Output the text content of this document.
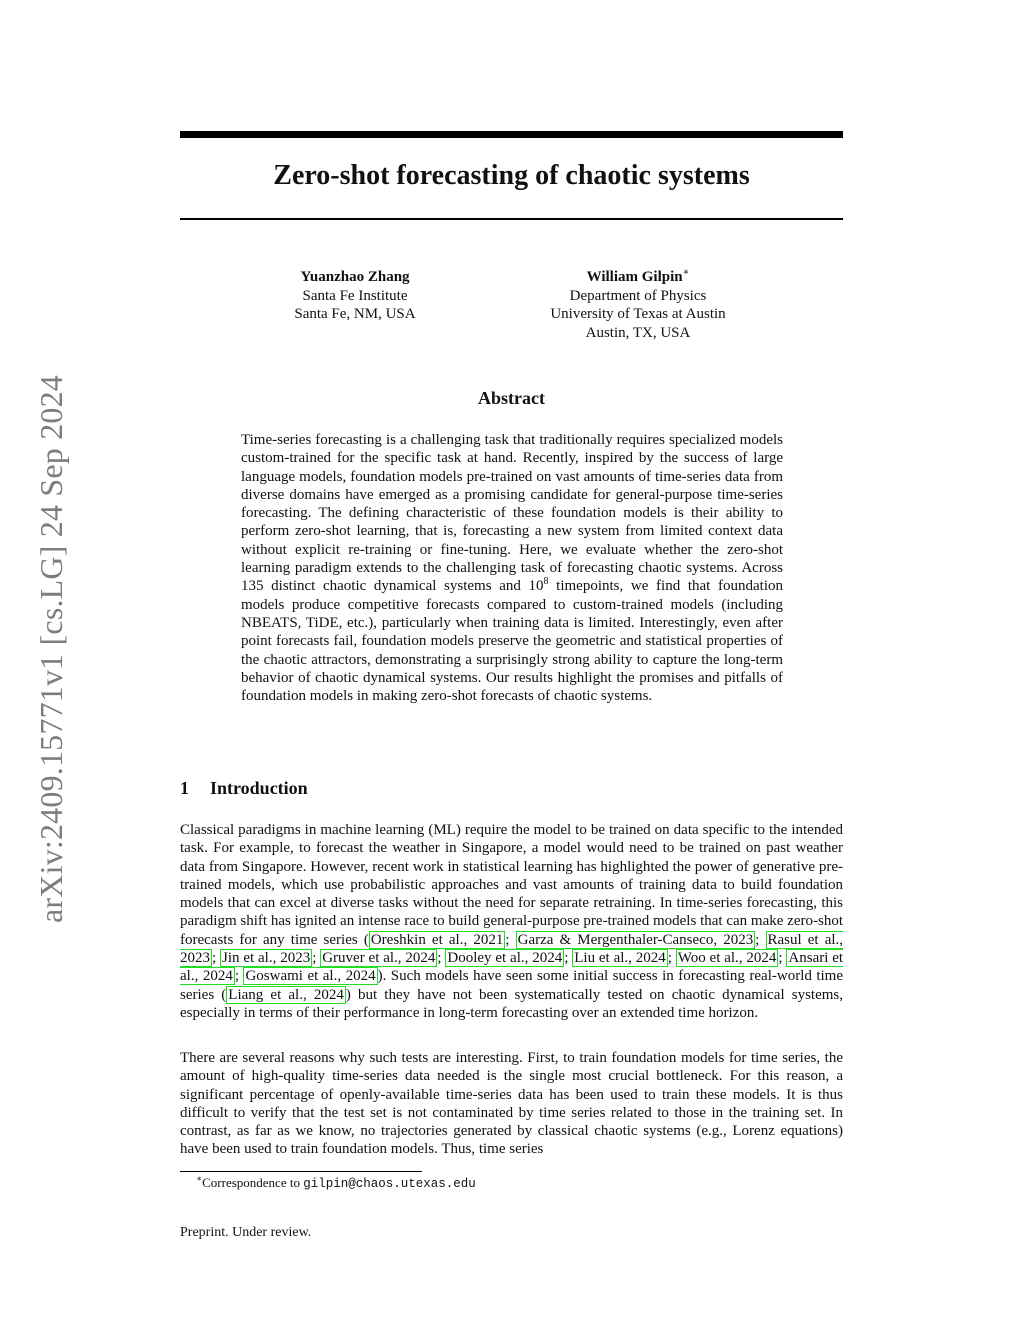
arXiv:2409.15771v1 [cs.LG] 24 Sep 2024
Zero-shot forecasting of chaotic systems
Yuanzhao Zhang
Santa Fe Institute
Santa Fe, NM, USA
William Gilpin∗
Department of Physics
University of Texas at Austin
Austin, TX, USA
Abstract

Time-series forecasting is a challenging task that traditionally requires specialized models custom-trained for the specific task at hand. Recently, inspired by the success of large language models, foundation models pre-trained on vast amounts of time-series data from diverse domains have emerged as a promising candidate for general-purpose time-series forecasting. The defining characteristic of these foundation models is their ability to perform zero-shot learning, that is, forecasting a new system from limited context data without explicit re-training or fine-tuning. Here, we evaluate whether the zero-shot learning paradigm extends to the challenging task of forecasting chaotic systems. Across 135 distinct chaotic dynamical systems and $10^8$ timepoints, we find that foundation models produce competitive forecasts compared to custom-trained models (including NBEATS, TiDE, etc.), particularly when training data is limited. Interestingly, even after point forecasts fail, foundation models preserve the geometric and statistical properties of the chaotic attractors, demonstrating a surprisingly strong ability to capture the long-term behavior of chaotic dynamical systems. Our results highlight the promises and pitfalls of foundation models in making zero-shot forecasts of chaotic systems.

1 Introduction

Classical paradigms in machine learning (ML) require the model to be trained on data specific to the intended task. For example, to forecast the weather in Singapore, a model would need to be trained on past weather data from Singapore. However, recent work in statistical learning has highlighted the power of generative pre-trained models, which use probabilistic approaches and vast amounts of training data to build foundation models that can excel at diverse tasks without the need for separate retraining. In time-series forecasting, this paradigm shift has ignited an intense race to build general-purpose pre-trained models that can make zero-shot forecasts for any time series ( Oreshkin et al., 2021 ; Garza & Mergenthaler-Canseco, 2023 ; Rasul et al., 2023 ; Jin et al., 2023 ; Gruver et al., 2024 ; Dooley et al., 2024 ; Liu et al., 2024 ; Woo et al., 2024 ; Ansari et al., 2024 ; Goswami et al., 2024 ). Such models have seen some initial success in forecasting real-world time series ( Liang et al., 2024 ) but they have not been systematically tested on chaotic dynamical systems, especially in terms of their performance in long-term forecasting over an extended time horizon.

There are several reasons why such tests are interesting. First, to train foundation models for time series, the amount of high-quality time-series data needed is the single most crucial bottleneck. For this reason, a significant percentage of openly-available time-series data has been used to train these models. It is thus difficult to verify that the test set is not contaminated by time series related to those in the training set. In contrast, as far as we know, no trajectories generated by classical chaotic systems (e.g., Lorenz equations) have been used to train foundation models. Thus, time series

∗Correspondence to gilpin@chaos.utexas.edu

Preprint. Under review.
